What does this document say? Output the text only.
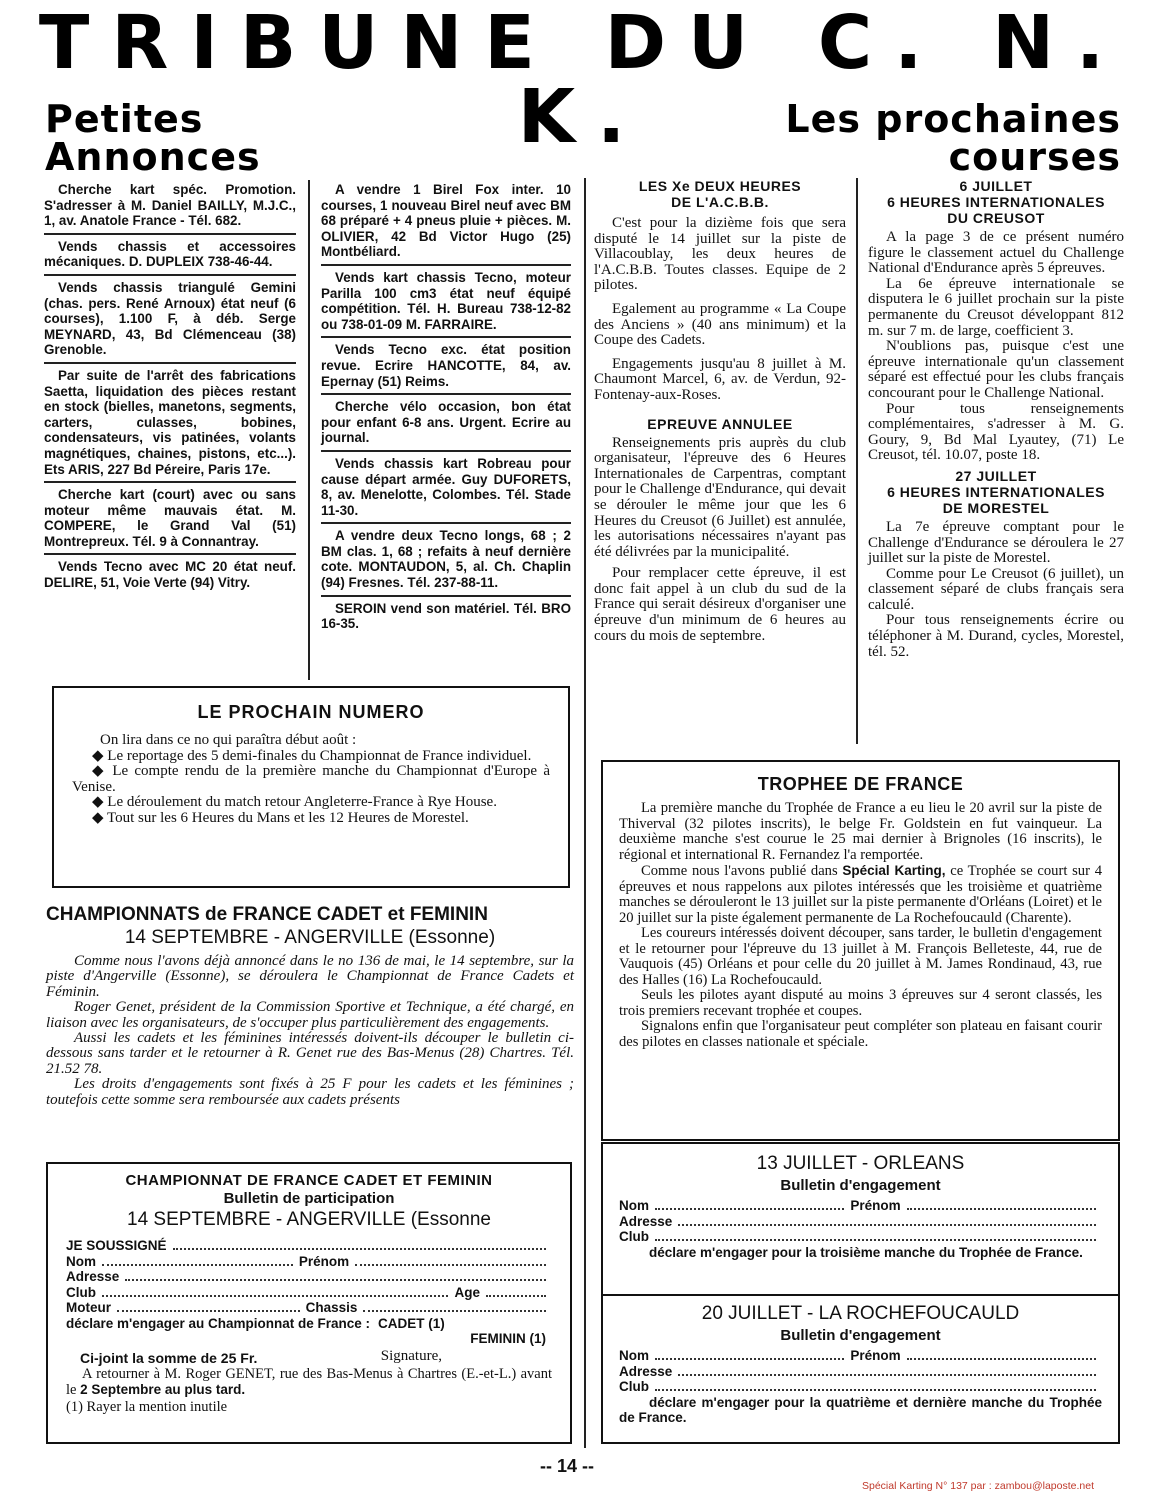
TRIBUNE DU C. N. K.
Petites
Annonces
Les prochaines
courses
Cherche kart spéc. Promotion. S'adresser à M. Daniel BAILLY, M.J.C., 1, av. Anatole France - Tél. 682.
Vends chassis et accessoires mécaniques. D. DUPLEIX 738-46-44.
Vends chassis triangulé Gemini (chas. pers. René Arnoux) état neuf (6 courses), 1.100 F, à déb. Serge MEYNARD, 43, Bd Clémenceau (38) Grenoble.
Par suite de l'arrêt des fabrications Saetta, liquidation des pièces restant en stock (bielles, manetons, segments, carters, culasses, bobines, condensateurs, vis patinées, volants magnétiques, chaines, pistons, etc...). Ets ARIS, 227 Bd Péreire, Paris 17e.
Cherche kart (court) avec ou sans moteur même mauvais état. M. COMPERE, le Grand Val (51) Montrepreux. Tél. 9 à Connantray.
Vends Tecno avec MC 20 état neuf. DELIRE, 51, Voie Verte (94) Vitry.
A vendre 1 Birel Fox inter. 10 courses, 1 nouveau Birel neuf avec BM 68 préparé + 4 pneus pluie + pièces. M. OLIVIER, 42 Bd Victor Hugo (25) Montbéliard.
Vends kart chassis Tecno, moteur Parilla 100 cm3 état neuf équipé compétition. Tél. H. Bureau 738-12-82 ou 738-01-09 M. FARRAIRE.
Vends Tecno exc. état position revue. Ecrire HANCOTTE, 84, av. Epernay (51) Reims.
Cherche vélo occasion, bon état pour enfant 6-8 ans. Urgent. Ecrire au journal.
Vends chassis kart Robreau pour cause départ armée. Guy DUFORETS, 8, av. Menelotte, Colombes. Tél. Stade 11-30.
A vendre deux Tecno longs, 68 ; 2 BM clas. 1, 68 ; refaits à neuf dernière cote. MONTAUDON, 5, al. Ch. Chaplin (94) Fresnes. Tél. 237-88-11.
SEROIN vend son matériel. Tél. BRO 16-35.
LES Xe DEUX HEURES
DE L'A.C.B.B.
C'est pour la dizième fois que sera disputé le 14 juillet sur la piste de Villacoublay, les deux heures de l'A.C.B.B. Toutes classes. Equipe de 2 pilotes.
Egalement au programme « La Coupe des Anciens » (40 ans minimum) et la Coupe des Cadets.
Engagements jusqu'au 8 juillet à M. Chaumont Marcel, 6, av. de Verdun, 92-Fontenay-aux-Roses.
EPREUVE ANNULEE
Renseignements pris auprès du club organisateur, l'épreuve des 6 Heures Internationales de Carpentras, comptant pour le Challenge d'Endurance, qui devait se dérouler le même jour que les 6 Heures du Creusot (6 Juillet) est annulée, les autorisations nécessaires n'ayant pas été délivrées par la municipalité.
Pour remplacer cette épreuve, il est donc fait appel à un club du sud de la France qui serait désireux d'organiser une épreuve d'un minimum de 6 heures au cours du mois de septembre.
6 JUILLET
6 HEURES INTERNATIONALES
DU CREUSOT
A la page 3 de ce présent numéro figure le classement actuel du Challenge National d'Endurance après 5 épreuves.
La 6e épreuve internationale se disputera le 6 juillet prochain sur la piste permanente du Creusot développant 812 m. sur 7 m. de large, coefficient 3.
N'oublions pas, puisque c'est une épreuve internationale qu'un classement séparé est effectué pour les clubs français concourant pour le Challenge National.
Pour tous renseignements complémentaires, s'adresser à M. G. Goury, 9, Bd Mal Lyautey, (71) Le Creusot, tél. 10.07, poste 18.
27 JUILLET
6 HEURES INTERNATIONALES
DE MORESTEL
La 7e épreuve comptant pour le Challenge d'Endurance se déroulera le 27 juillet sur la piste de Morestel.
Comme pour Le Creusot (6 juillet), un classement séparé de clubs français sera calculé.
Pour tous renseignements écrire ou téléphoner à M. Durand, cycles, Morestel, tél. 52.
LE PROCHAIN NUMERO
On lira dans ce no qui paraîtra début août :
◆ Le reportage des 5 demi-finales du Championnat de France individuel.
◆ Le compte rendu de la première manche du Championnat d'Europe à Venise.
◆ Le déroulement du match retour Angleterre-France à Rye House.
◆ Tout sur les 6 Heures du Mans et les 12 Heures de Morestel.
CHAMPIONNATS de FRANCE CADET et FEMININ
14 SEPTEMBRE - ANGERVILLE (Essonne)
Comme nous l'avons déjà annoncé dans le no 136 de mai, le 14 septembre, sur la piste d'Angerville (Essonne), se déroulera le Championnat de France Cadets et Féminin.
Roger Genet, président de la Commission Sportive et Technique, a été chargé, en liaison avec les organisateurs, de s'occuper plus particulièrement des engagements.
Aussi les cadets et les féminines intéressés doivent-ils découper le bulletin ci-dessous sans tarder et le retourner à R. Genet rue des Bas-Menus (28) Chartres. Tél. 21.52 78.
Les droits d'engagements sont fixés à 25 F pour les cadets et les féminines ; toutefois cette somme sera remboursée aux cadets présents
CHAMPIONNAT DE FRANCE CADET ET FEMININ
Bulletin de participation
14 SEPTEMBRE - ANGERVILLE (Essonne
JE SOUSSIGNÉ
Nom	Prénom
Adresse
Club	Age
Moteur	Chassis
déclare m'engager au Championnat de France : CADET (1)
FEMININ (1)
Ci-joint la somme de 25 Fr.	Signature,
A retourner à M. Roger GENET, rue des Bas-Menus à Chartres (E.-et-L.) avant le 2 Septembre au plus tard.
(1) Rayer la mention inutile
TROPHEE DE FRANCE
La première manche du Trophée de France a eu lieu le 20 avril sur la piste de Thiverval (32 pilotes inscrits), le belge Fr. Goldstein en fut vainqueur. La deuxième manche s'est courue le 25 mai dernier à Brignoles (16 inscrits), le régional et international R. Fernandez l'a remportée.
Comme nous l'avons publié dans Spécial Karting, ce Trophée se court sur 4 épreuves et nous rappelons aux pilotes intéressés que les troisième et quatrième manches se dérouleront le 13 juillet sur la piste permanente d'Orléans (Loiret) et le 20 juillet sur la piste également permanente de La Rochefoucauld (Charente).
Les coureurs intéressés doivent découper, sans tarder, le bulletin d'engagement et le retourner pour l'épreuve du 13 juillet à M. François Belleteste, 44, rue de Vauquois (45) Orléans et pour celle du 20 juillet à M. James Rondinaud, 43, rue des Halles (16) La Rochefoucauld.
Seuls les pilotes ayant disputé au moins 3 épreuves sur 4 seront classés, les trois premiers recevant trophée et coupes.
Signalons enfin que l'organisateur peut compléter son plateau en faisant courir des pilotes en classes nationale et spéciale.
13 JUILLET - ORLEANS
Bulletin d'engagement
Nom	Prénom
Adresse
Club
déclare m'engager pour la troisième manche du Trophée de France.
20 JUILLET - LA ROCHEFOUCAULD
Bulletin d'engagement
Nom	Prénom
Adresse
Club
déclare m'engager pour la quatrième et dernière manche du Trophée de France.
-- 14 --
Spécial Karting N° 137 par : zambou@laposte.net
